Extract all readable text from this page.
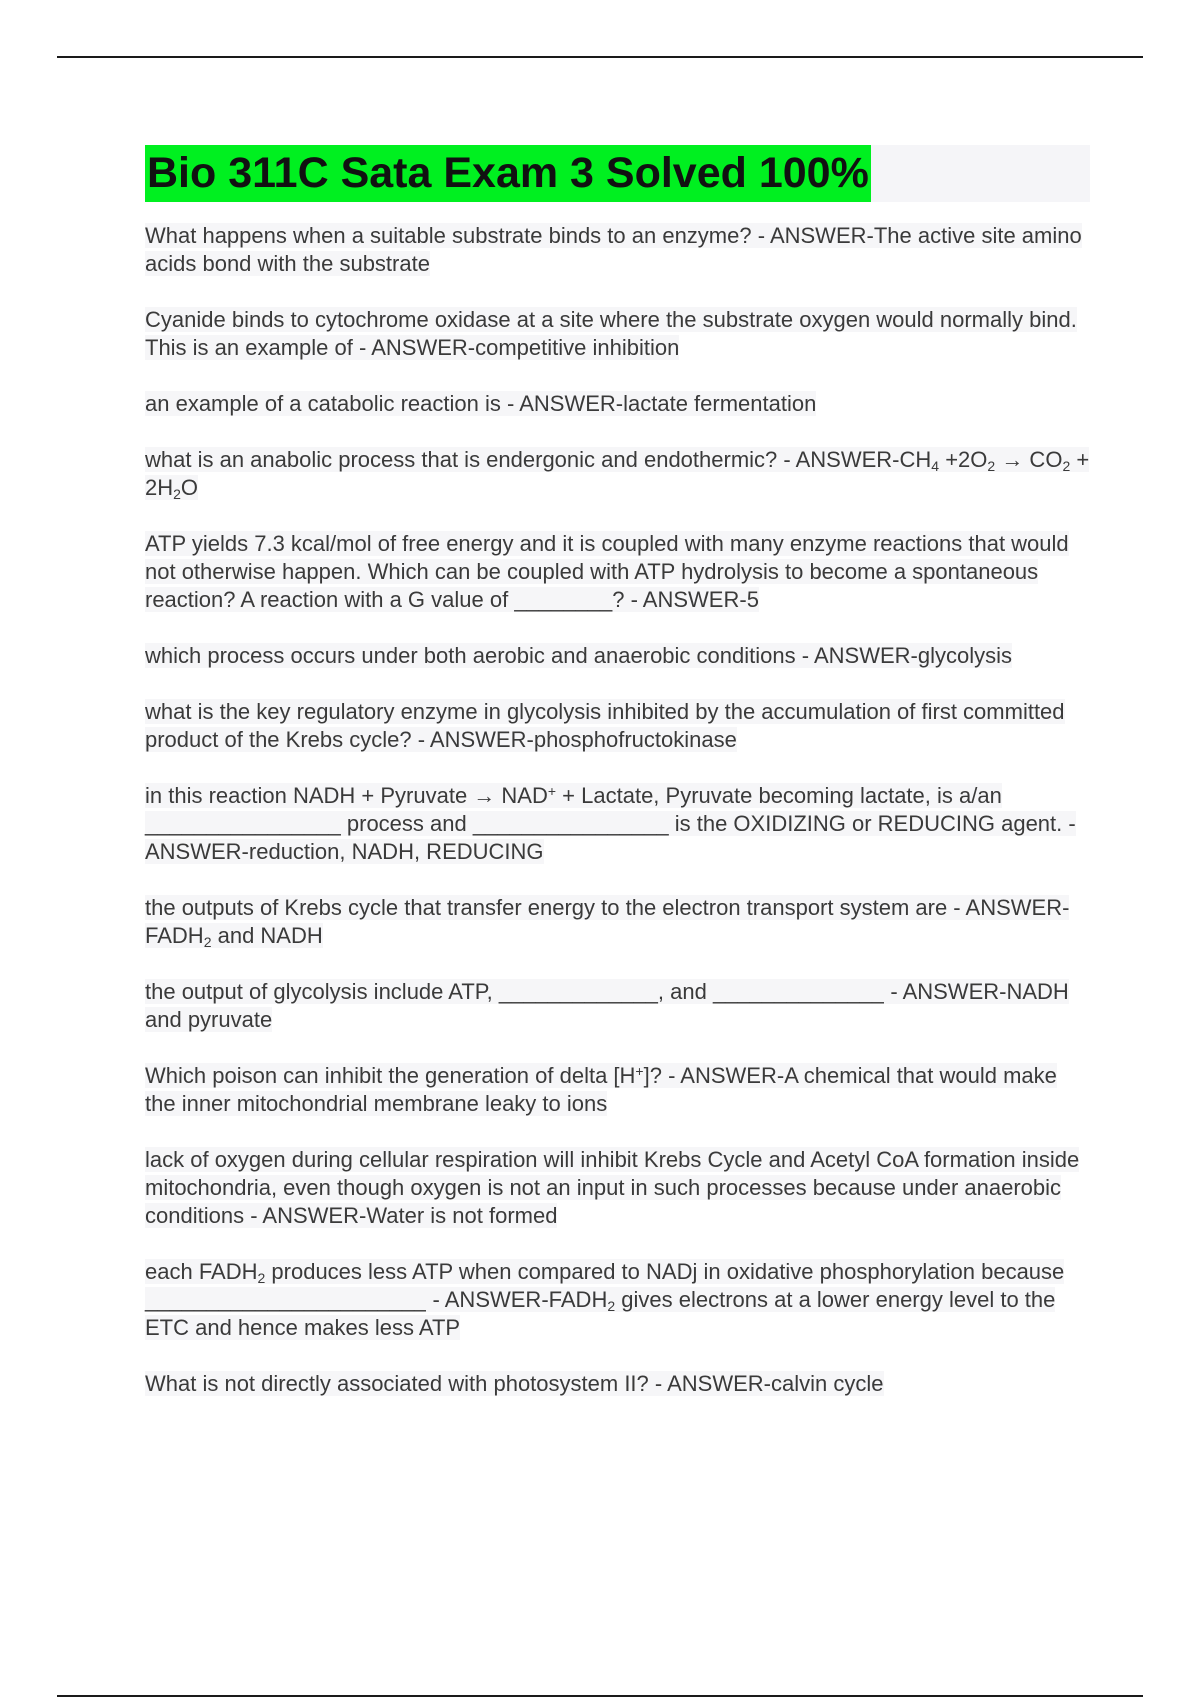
Bio 311C Sata Exam 3 Solved 100%

What happens when a suitable substrate binds to an enzyme? - ANSWER-The active site amino acids bond with the substrate

Cyanide binds to cytochrome oxidase at a site where the substrate oxygen would normally bind. This is an example of - ANSWER-competitive inhibition

an example of a catabolic reaction is - ANSWER-lactate fermentation

what is an anabolic process that is endergonic and endothermic? - ANSWER-$CH_4 +2O_2 \to CO_2 + 2H_2O$

ATP yields 7.3 kcal/mol of free energy and it is coupled with many enzyme reactions that would not otherwise happen. Which can be coupled with ATP hydrolysis to become a spontaneous reaction? A reaction with a G value of ________? - ANSWER-5

which process occurs under both aerobic and anaerobic conditions - ANSWER-glycolysis

what is the key regulatory enzyme in glycolysis inhibited by the accumulation of first committed product of the Krebs cycle? - ANSWER-phosphofructokinase

in this reaction NADH + Pyruvate → NAD+ + Lactate, Pyruvate becoming lactate, is a/an ________________ process and ________________ is the OXIDIZING or REDUCING agent. - ANSWER-reduction, NADH, REDUCING

the outputs of Krebs cycle that transfer energy to the electron transport system are - ANSWER-$FADH_2$ and NADH

the output of glycolysis include ATP, _____________, and ______________ - ANSWER-NADH and pyruvate

Which poison can inhibit the generation of delta [H+]? - ANSWER-A chemical that would make the inner mitochondrial membrane leaky to ions

lack of oxygen during cellular respiration will inhibit Krebs Cycle and Acetyl CoA formation inside mitochondria, even though oxygen is not an input in such processes because under anaerobic conditions - ANSWER-Water is not formed

each $FADH_2$ produces less ATP when compared to NADj in oxidative phosphorylation because _______________________ - ANSWER-$FADH_2$ gives electrons at a lower energy level to the ETC and hence makes less ATP

What is not directly associated with photosystem II? - ANSWER-calvin cycle
